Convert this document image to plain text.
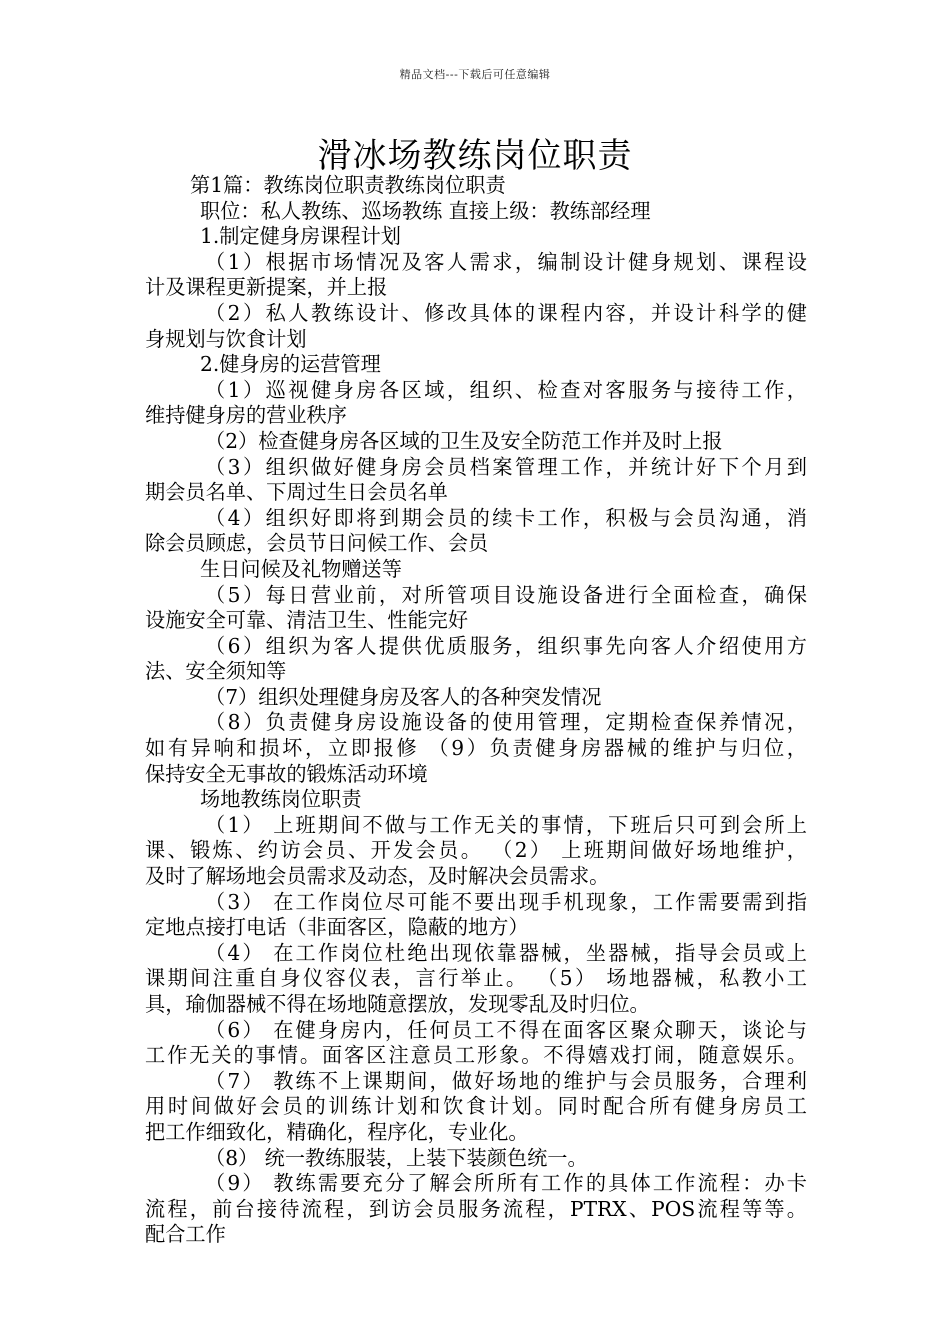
精品文档---下载后可任意编辑
滑冰场教练岗位职责
第1篇：教练岗位职责教练岗位职责
职位：私人教练、巡场教练 直接上级：教练部经理
1.制定健身房课程计划
（1）根据市场情况及客人需求，编制设计健身规划、课程设
计及课程更新提案，并上报
（2）私人教练设计、修改具体的课程内容，并设计科学的健
身规划与饮食计划
2.健身房的运营管理
（1）巡视健身房各区域，组织、检查对客服务与接待工作，
维持健身房的营业秩序
（2）检查健身房各区域的卫生及安全防范工作并及时上报
（3）组织做好健身房会员档案管理工作，并统计好下个月到
期会员名单、下周过生日会员名单
（4）组织好即将到期会员的续卡工作，积极与会员沟通，消
除会员顾虑，会员节日问候工作、会员
生日问候及礼物赠送等
（5）每日营业前，对所管项目设施设备进行全面检查，确保
设施安全可靠、清洁卫生、性能完好
（6）组织为客人提供优质服务，组织事先向客人介绍使用方
法、安全须知等
（7）组织处理健身房及客人的各种突发情况
（8）负责健身房设施设备的使用管理，定期检查保养情况，
如有异响和损坏，立即报修 （9）负责健身房器械的维护与归位，
保持安全无事故的锻炼活动环境
场地教练岗位职责
（1） 上班期间不做与工作无关的事情，下班后只可到会所上
课、锻炼、约访会员、开发会员。 （2） 上班期间做好场地维护，
及时了解场地会员需求及动态，及时解决会员需求。
（3） 在工作岗位尽可能不要出现手机现象，工作需要需到指
定地点接打电话（非面客区，隐蔽的地方）
（4） 在工作岗位杜绝出现依靠器械，坐器械，指导会员或上
课期间注重自身仪容仪表，言行举止。 （5） 场地器械，私教小工
具，瑜伽器械不得在场地随意摆放，发现零乱及时归位。
（6） 在健身房内，任何员工不得在面客区聚众聊天，谈论与
工作无关的事情。面客区注意员工形象。不得嬉戏打闹，随意娱乐。
（7） 教练不上课期间，做好场地的维护与会员服务，合理利
用时间做好会员的训练计划和饮食计划。同时配合所有健身房员工
把工作细致化，精确化，程序化，专业化。
（8） 统一教练服装，上装下装颜色统一。
（9） 教练需要充分了解会所所有工作的具体工作流程：办卡
流程，前台接待流程，到访会员服务流程，PTRX、POS流程等等。
配合工作
